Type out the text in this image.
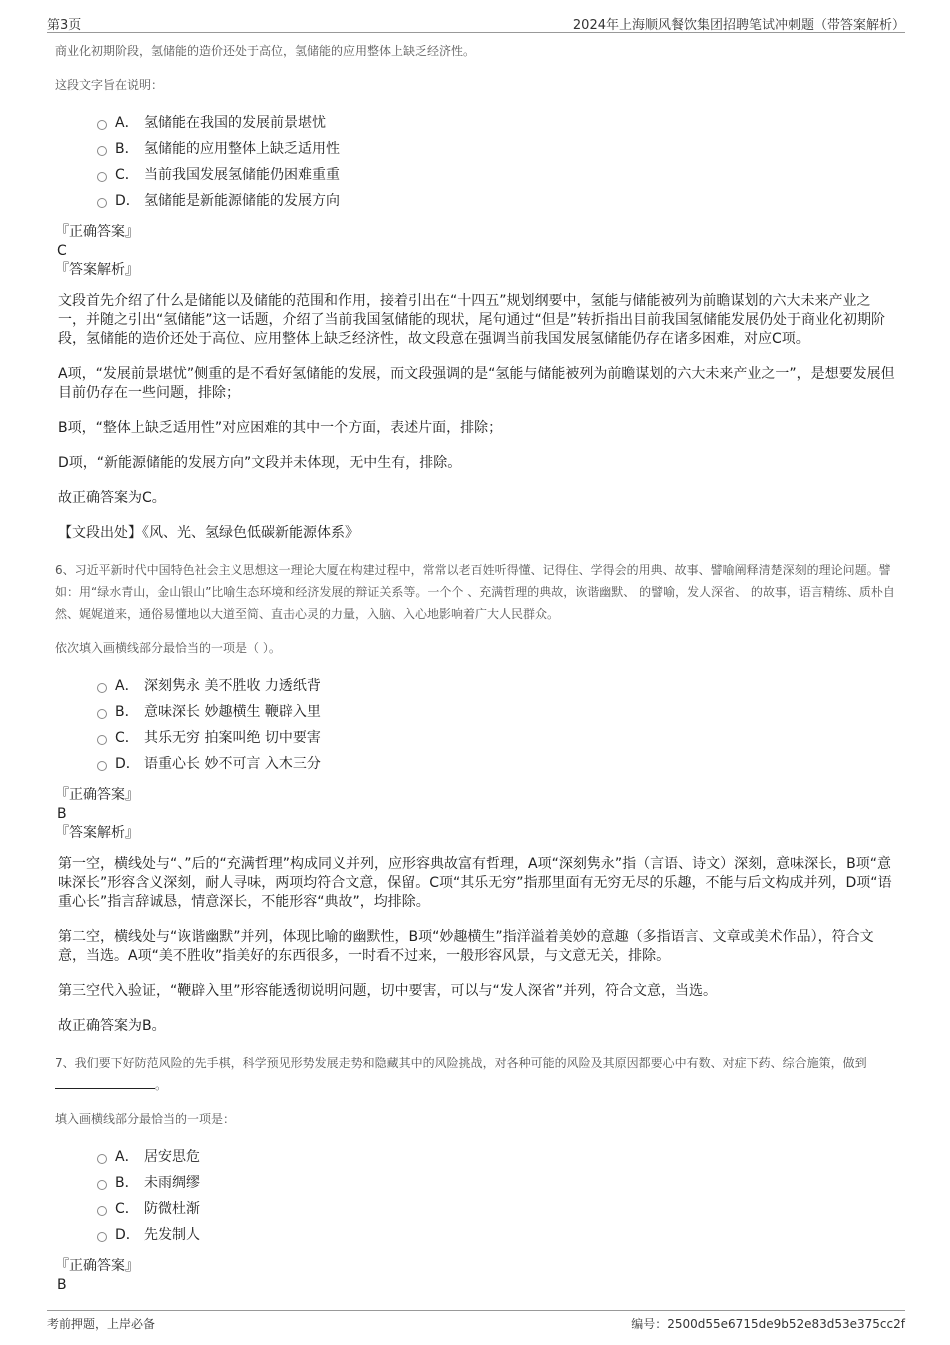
第3页	2024年上海顺风餐饮集团招聘笔试冲刺题（带答案解析）

商业化初期阶段，氢储能的造价还处于高位，氢储能的应用整体上缺乏经济性。

这段文字旨在说明：

A． 氢储能在我国的发展前景堪忧
B． 氢储能的应用整体上缺乏适用性
C． 当前我国发展氢储能仍困难重重
D． 氢储能是新能源储能的发展方向

『正确答案』

C

『答案解析』

文段首先介绍了什么是储能以及储能的范围和作用，接着引出在“十四五”规划纲要中，氢能与储能被列为前瞻谋划的六大未来产业之一，并随之引出“氢储能”这一话题，介绍了当前我国氢储能的现状，尾句通过“但是”转折指出目前我国氢储能发展仍处于商业化初期阶段，氢储能的造价还处于高位、应用整体上缺乏经济性，故文段意在强调当前我国发展氢储能仍存在诸多困难，对应C项。

A项，“发展前景堪忧”侧重的是不看好氢储能的发展，而文段强调的是“氢能与储能被列为前瞻谋划的六大未来产业之一”，是想要发展但目前仍存在一些问题，排除；

B项，“整体上缺乏适用性”对应困难的其中一个方面，表述片面，排除；

D项，“新能源储能的发展方向”文段并未体现，无中生有，排除。

故正确答案为C。

【文段出处】《风、光、氢绿色低碳新能源体系》

6、习近平新时代中国特色社会主义思想这一理论大厦在构建过程中，常常以老百姓听得懂、记得住、学得会的用典、故事、譬喻阐释清楚深刻的理论问题。譬如：用“绿水青山，金山银山”比喻生态环境和经济发展的辩证关系等。一个个 、充满哲理的典故，诙谐幽默、 的譬喻，发人深省、 的故事，语言精练、质朴自然、娓娓道来，通俗易懂地以大道至简、直击心灵的力量，入脑、入心地影响着广大人民群众。

依次填入画横线部分最恰当的一项是（ ）。

A． 深刻隽永 美不胜收 力透纸背
B． 意味深长 妙趣横生 鞭辟入里
C． 其乐无穷 拍案叫绝 切中要害
D． 语重心长 妙不可言 入木三分

『正确答案』

B

『答案解析』

第一空，横线处与“、”后的“充满哲理”构成同义并列，应形容典故富有哲理，A项“深刻隽永”指（言语、诗文）深刻，意味深长，B项“意味深长”形容含义深刻，耐人寻味，两项均符合文意，保留。C项“其乐无穷”指那里面有无穷无尽的乐趣，不能与后文构成并列，D项“语重心长”指言辞诚恳，情意深长，不能形容“典故”，均排除。

第二空，横线处与“诙谐幽默”并列，体现比喻的幽默性，B项“妙趣横生”指洋溢着美妙的意趣（多指语言、文章或美术作品），符合文意，当选。A项“美不胜收”指美好的东西很多，一时看不过来，一般形容风景，与文意无关，排除。

第三空代入验证，“鞭辟入里”形容能透彻说明问题，切中要害，可以与“发人深省”并列，符合文意，当选。

故正确答案为B。

7、我们要下好防范风险的先手棋，科学预见形势发展走势和隐藏其中的风险挑战，对各种可能的风险及其原因都要心中有数、对症下药、综合施策，做到。

填入画横线部分最恰当的一项是：

A． 居安思危
B． 未雨绸缪
C． 防微杜渐
D． 先发制人

『正确答案』

B

考前押题，上岸必备	编号：2500d55e6715de9b52e83d53e375cc2f
